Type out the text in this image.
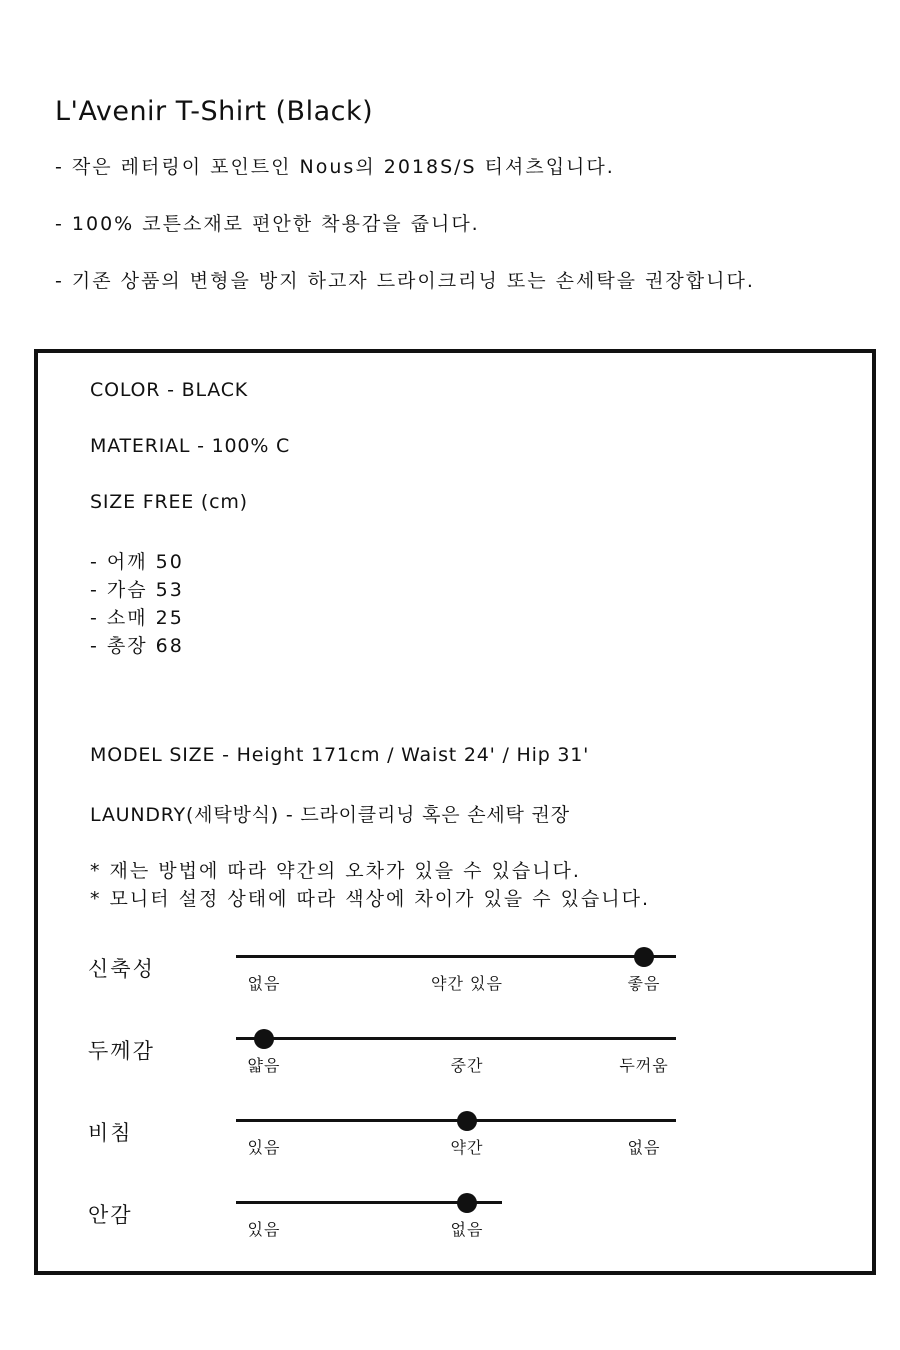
L'Avenir T-Shirt (Black)
- 작은 레터링이 포인트인 Nous의 2018S/S 티셔츠입니다.
- 100% 코튼소재로 편안한 착용감을 줍니다.
- 기존 상품의 변형을 방지 하고자 드라이크리닝 또는 손세탁을 권장합니다.
COLOR - BLACK
MATERIAL - 100% C
SIZE FREE (cm)
- 어깨 50
- 가슴 53
- 소매 25
- 총장 68
MODEL SIZE - Height 171cm / Waist 24' / Hip 31'
LAUNDRY(세탁방식) - 드라이클리닝 혹은 손세탁 권장
* 재는 방법에 따라 약간의 오차가 있을 수 있습니다.
* 모니터 설정 상태에 따라 색상에 차이가 있을 수 있습니다.
신축성
없음	약간 있음	좋음
두께감
얇음	중간	두꺼움
비침
있음	약간	없음
안감
있음	없음
